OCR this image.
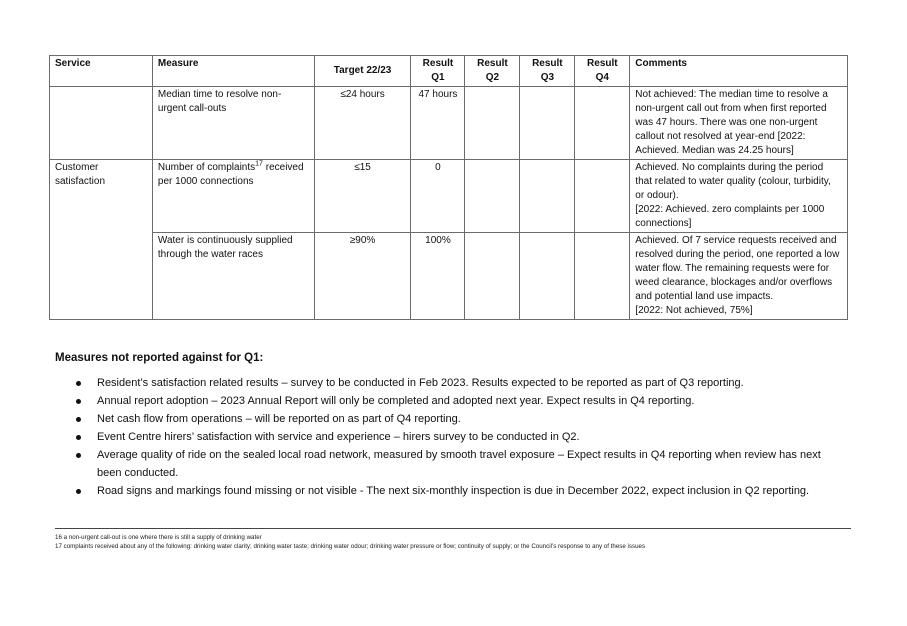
Service	Measure	Target 22/23	Result Q1	Result Q2	Result Q3	Result Q4	Comments
	Median time to resolve non-urgent call-outs	≤24 hours	47 hours				Not achieved: The median time to resolve a non-urgent call out from when first reported was 47 hours. There was one non-urgent callout not resolved at year-end [2022: Achieved. Median was 24.25 hours]
Customer satisfaction	Number of complaints$^{17}$ received per 1000 connections	≤15	0				Achieved. No complaints during the period that related to water quality (colour, turbidity, or odour).
[2022: Achieved. zero complaints per 1000 connections]

	Water is continuously supplied through the water races	≥90%	100%				Achieved. Of 7 service requests received and resolved during the period, one reported a low water flow. The remaining requests were for weed clearance, blockages and/or overflows and potential land use impacts.
[2022: Not achieved, 75%]
Measures not reported against for Q1:
Resident’s satisfaction related results – survey to be conducted in Feb 2023. Results expected to be reported as part of Q3 reporting.
Annual report adoption – 2023 Annual Report will only be completed and adopted next year. Expect results in Q4 reporting.
Net cash flow from operations – will be reported on as part of Q4 reporting.
Event Centre hirers’ satisfaction with service and experience – hirers survey to be conducted in Q2.
Average quality of ride on the sealed local road network, measured by smooth travel exposure – Expect results in Q4 reporting when review has next been conducted.
Road signs and markings found missing or not visible - The next six-monthly inspection is due in December 2022, expect inclusion in Q2 reporting.
16 a non-urgent call-out is one where there is still a supply of drinking water
17 complaints received about any of the following: drinking water clarity; drinking water taste; drinking water odour; drinking water pressure or flow; continuity of supply; or the Council’s response to any of these issues
